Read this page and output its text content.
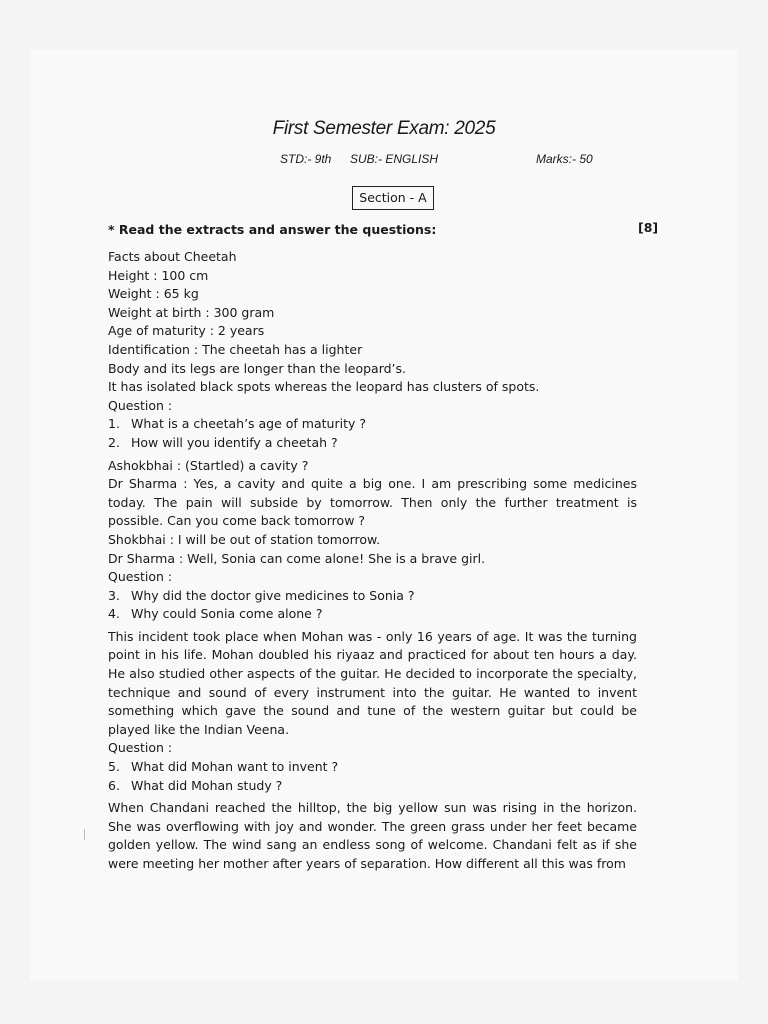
First Semester Exam: 2025
STD:- 9th SUB:- ENGLISH	Marks:- 50
Section - A
* Read the extracts and answer the questions:	[8]
Facts about Cheetah
Height : 100 cm
Weight : 65 kg
Weight at birth : 300 gram
Age of maturity : 2 years
Identification : The cheetah has a lighter
Body and its legs are longer than the leopard’s.
It has isolated black spots whereas the leopard has clusters of spots.
Question :
1. What is a cheetah’s age of maturity ?
2. How will you identify a cheetah ?
Ashokbhai : (Startled) a cavity ?
Dr Sharma : Yes, a cavity and quite a big one. I am prescribing some medicines today. The pain will subside by tomorrow. Then only the further treatment is possible. Can you come back tomorrow ?
Shokbhai : I will be out of station tomorrow.
Dr Sharma : Well, Sonia can come alone! She is a brave girl.
Question :
3. Why did the doctor give medicines to Sonia ?
4. Why could Sonia come alone ?
This incident took place when Mohan was - only 16 years of age. It was the turning point in his life. Mohan doubled his riyaaz and practiced for about ten hours a day. He also studied other aspects of the guitar. He decided to incorporate the specialty, technique and sound of every instrument into the guitar. He wanted to invent something which gave the sound and tune of the western guitar but could be played like the Indian Veena.
Question :
5. What did Mohan want to invent ?
6. What did Mohan study ?
When Chandani reached the hilltop, the big yellow sun was rising in the horizon. She was overflowing with joy and wonder. The green grass under her feet became golden yellow. The wind sang an endless song of welcome. Chandani felt as if she were meeting her mother after years of separation. How different all this was from
